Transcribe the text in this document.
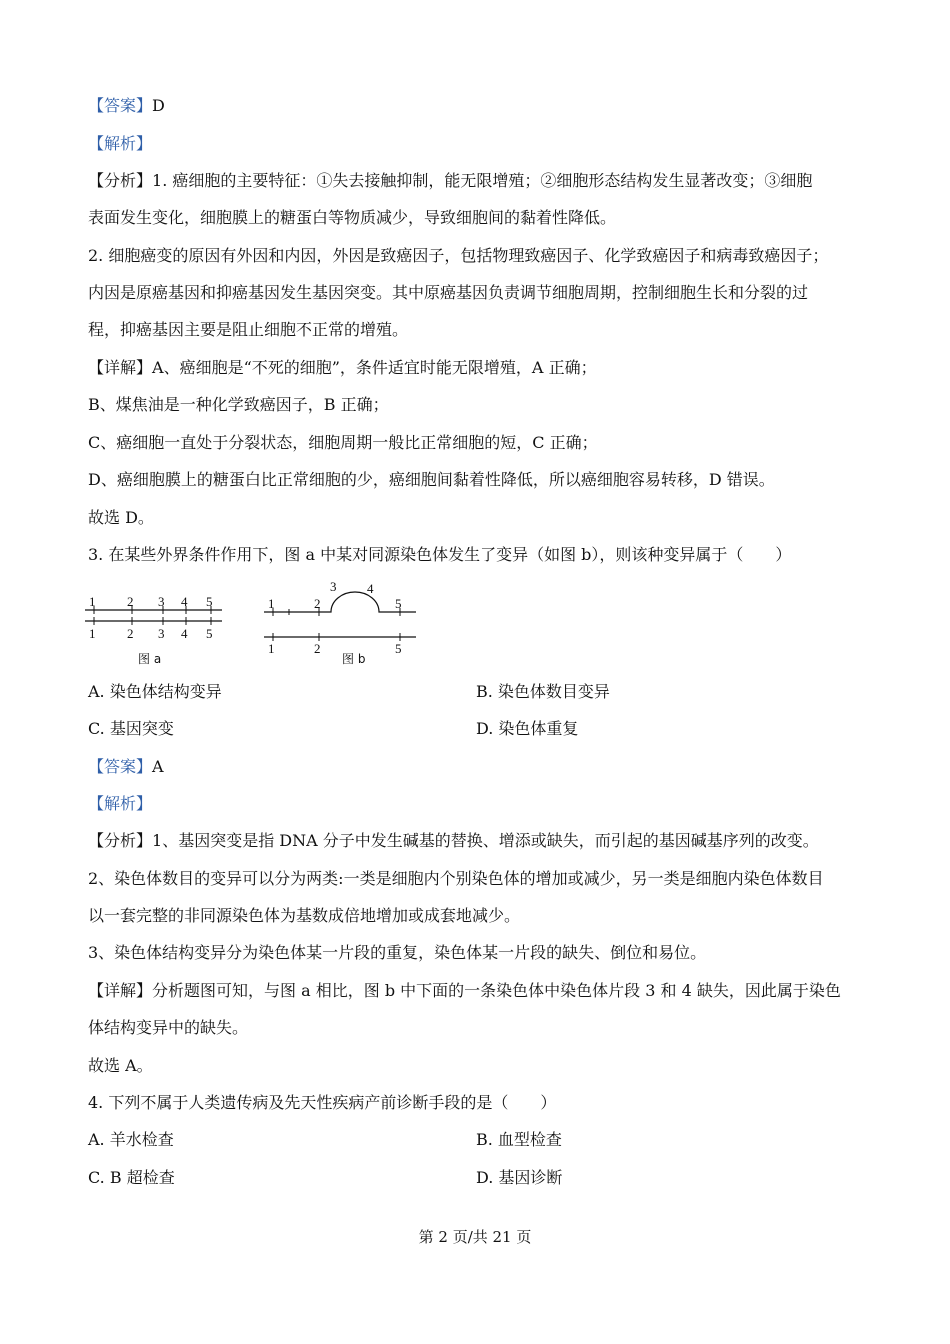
【答案】D
【解析】
【分析】1. 癌细胞的主要特征：①失去接触抑制，能无限增殖；②细胞形态结构发生显著改变；③细胞
表面发生变化，细胞膜上的糖蛋白等物质减少，导致细胞间的黏着性降低。
2. 细胞癌变的原因有外因和内因，外因是致癌因子，包括物理致癌因子、化学致癌因子和病毒致癌因子；
内因是原癌基因和抑癌基因发生基因突变。其中原癌基因负责调节细胞周期，控制细胞生长和分裂的过
程，抑癌基因主要是阻止细胞不正常的增殖。
【详解】A、癌细胞是“不死的细胞”，条件适宜时能无限增殖，A 正确；
B、煤焦油是一种化学致癌因子，B 正确；
C、癌细胞一直处于分裂状态，细胞周期一般比正常细胞的短，C 正确；
D、癌细胞膜上的糖蛋白比正常细胞的少，癌细胞间黏着性降低，所以癌细胞容易转移，D 错误。
故选 D。
3. 在某些外界条件作用下，图 a 中某对同源染色体发生了变异（如图 b），则该种变异属于（　　）
1 2 3 4 5
1 2 3 4 5
图 a
1	2
3 4
5
1	2	5
图 b
A. 染色体结构变异	B. 染色体数目变异
C. 基因突变	D. 染色体重复
【答案】A
【解析】
【分析】1、基因突变是指 DNA 分子中发生碱基的替换、增添或缺失，而引起的基因碱基序列的改变。
2、染色体数目的变异可以分为两类:一类是细胞内个别染色体的增加或减少，另一类是细胞内染色体数目
以一套完整的非同源染色体为基数成倍地增加或成套地减少。
3、染色体结构变异分为染色体某一片段的重复，染色体某一片段的缺失、倒位和易位。
【详解】分析题图可知，与图 a 相比，图 b 中下面的一条染色体中染色体片段 3 和 4 缺失，因此属于染色
体结构变异中的缺失。
故选 A。
4. 下列不属于人类遗传病及先天性疾病产前诊断手段的是（　　）
A. 羊水检查	B. 血型检查
C. B 超检查	D. 基因诊断
第 2 页/共 21 页
